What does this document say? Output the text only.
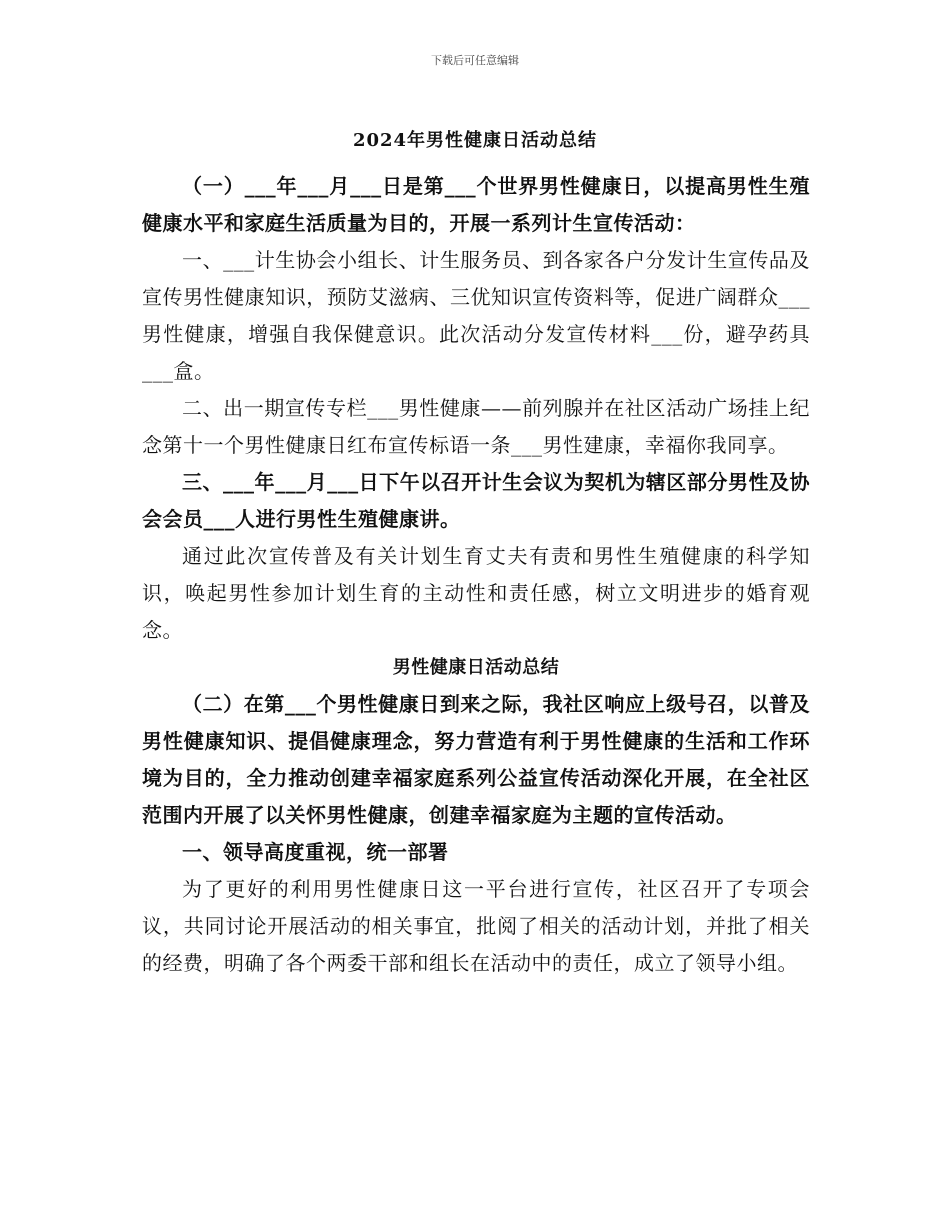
下载后可任意编辑
2024年男性健康日活动总结

（一）___年___月___日是第___个世界男性健康日，以提高男性生殖健康水平和家庭生活质量为目的，开展一系列计生宣传活动：

一、___计生协会小组长、计生服务员、到各家各户分发计生宣传品及宣传男性健康知识，预防艾滋病、三优知识宣传资料等，促进广阔群众___男性健康，增强自我保健意识。此次活动分发宣传材料___份，避孕药具___盒。

二、出一期宣传专栏___男性健康——前列腺并在社区活动广场挂上纪念第十一个男性健康日红布宣传标语一条___男性建康，幸福你我同享。

三、___年___月___日下午以召开计生会议为契机为辖区部分男性及协会会员___人进行男性生殖健康讲。

通过此次宣传普及有关计划生育丈夫有责和男性生殖健康的科学知识，唤起男性参加计划生育的主动性和责任感，树立文明进步的婚育观念。

男性健康日活动总结

（二）在第___个男性健康日到来之际，我社区响应上级号召，以普及男性健康知识、提倡健康理念，努力营造有利于男性健康的生活和工作环境为目的，全力推动创建幸福家庭系列公益宣传活动深化开展，在全社区范围内开展了以关怀男性健康，创建幸福家庭为主题的宣传活动。

一、领导高度重视，统一部署

为了更好的利用男性健康日这一平台进行宣传，社区召开了专项会议，共同讨论开展活动的相关事宜，批阅了相关的活动计划，并批了相关的经费，明确了各个两委干部和组长在活动中的责任，成立了领导小组。
